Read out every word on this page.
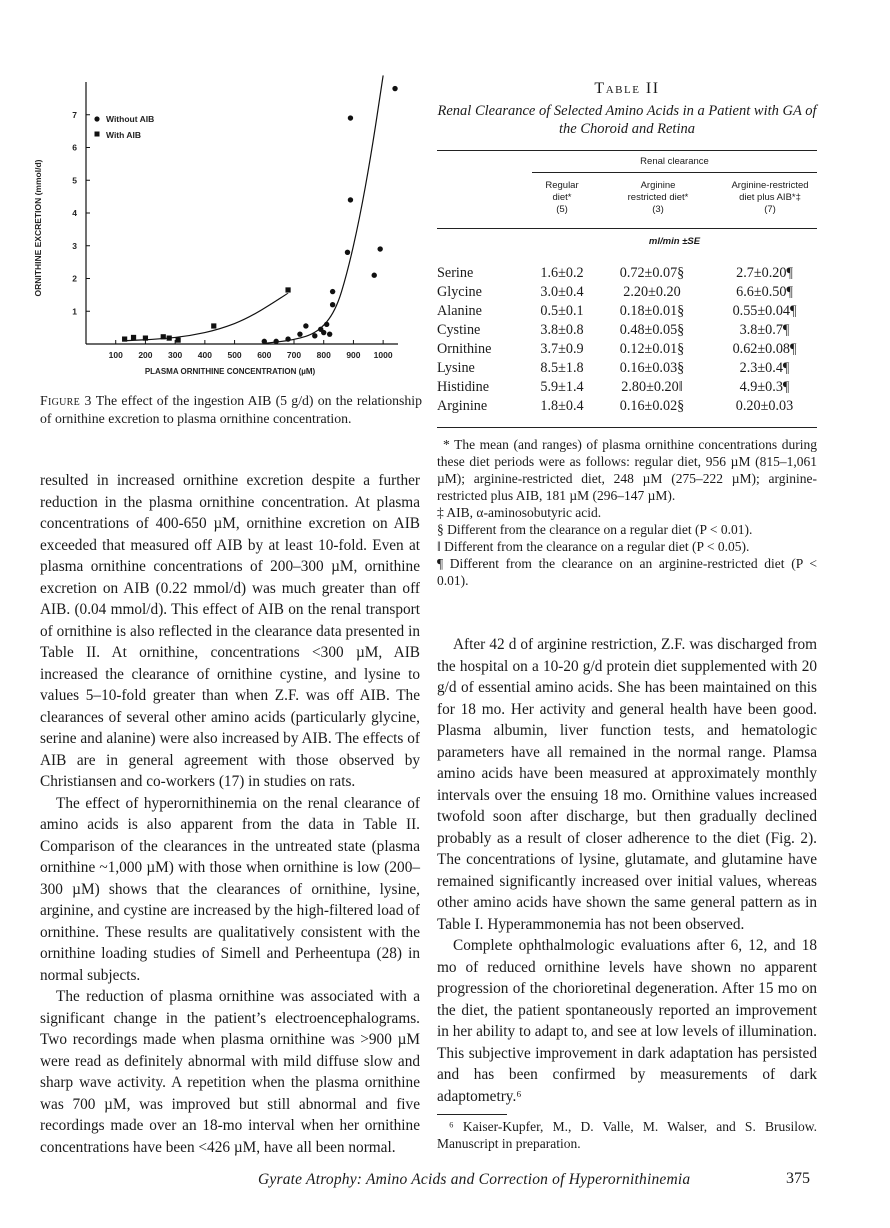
100 200 300 400 500 600 700 800 900 1000
1
2
3
4
5
6
7
ORNITHINE EXCRETION (mmol/d)
PLASMA ORNITHINE CONCENTRATION (µM)
Without AIB
With AIB

Figure 3 The effect of the ingestion AIB (5 g/d) on the relationship of ornithine excretion to plasma ornithine concentration.

resulted in increased ornithine excretion despite a further reduction in the plasma ornithine concentration. At plasma concentrations of 400-650 µM, ornithine excretion on AIB exceeded that measured off AIB by at least 10-fold. Even at plasma ornithine concentrations of 200–300 µM, ornithine excretion on AIB (0.22 mmol/d) was much greater than off AIB. (0.04 mmol/d). This effect of AIB on the renal transport of ornithine is also reflected in the clearance data presented in Table II. At ornithine, concentrations <300 µM, AIB increased the clearance of ornithine cystine, and lysine to values 5–10-fold greater than when Z.F. was off AIB. The clearances of several other amino acids (particularly glycine, serine and alanine) were also increased by AIB. The effects of AIB are in general agreement with those observed by Christiansen and co-workers (17) in studies on rats.

The effect of hyperornithinemia on the renal clearance of amino acids is also apparent from the data in Table II. Comparison of the clearances in the untreated state (plasma ornithine ~1,000 µM) with those when ornithine is low (200–300 µM) shows that the clearances of ornithine, lysine, arginine, and cystine are increased by the high-filtered load of ornithine. These results are qualitatively consistent with the ornithine loading studies of Simell and Perheentupa (28) in normal subjects.

The reduction of plasma ornithine was associated with a significant change in the patient’s electroencephalograms. Two recordings made when plasma ornithine was >900 µM were read as definitely abnormal with mild diffuse slow and sharp wave activity. A repetition when the plasma ornithine was 700 µM, was improved but still abnormal and five recordings made over an 18-mo interval when her ornithine concentrations have been <426 µM, have all been normal.

Table II
Renal Clearance of Selected Amino Acids in a Patient with GA of the Choroid and Retina
Renal clearance
Regular
diet*
(5)
Arginine
restricted diet*
(3)
Arginine-restricted
diet plus AIB*‡
(7)
ml/min ±SE
Serine	1.6±0.2	0.72±0.07§	2.7±0.20¶
Glycine	3.0±0.4	2.20±0.20	6.6±0.50¶
Alanine	0.5±0.1	0.18±0.01§	0.55±0.04¶
Cystine	3.8±0.8	0.48±0.05§	3.8±0.7¶
Ornithine	3.7±0.9	0.12±0.01§	0.62±0.08¶
Lysine	8.5±1.8	0.16±0.03§	2.3±0.4¶
Histidine	5.9±1.4	2.80±0.20‖	4.9±0.3¶
Arginine	1.8±0.4	0.16±0.02§	0.20±0.03

* The mean (and ranges) of plasma ornithine concentrations during these diet periods were as follows: regular diet, 956 µM (815–1,061 µM); arginine-restricted diet, 248 µM (275–222 µM); arginine-restricted plus AIB, 181 µM (296–147 µM).

‡ AIB, α-aminosobutyric acid.

§ Different from the clearance on a regular diet (P < 0.01).

‖ Different from the clearance on a regular diet (P < 0.05).

¶ Different from the clearance on an arginine-restricted diet (P < 0.01).

After 42 d of arginine restriction, Z.F. was discharged from the hospital on a 10-20 g/d protein diet supplemented with 20 g/d of essential amino acids. She has been maintained on this for 18 mo. Her activity and general health have been good. Plasma albumin, liver function tests, and hematologic parameters have all remained in the normal range. Plamsa amino acids have been measured at approximately monthly intervals over the ensuing 18 mo. Ornithine values increased twofold soon after discharge, but then gradually declined probably as a result of closer adherence to the diet (Fig. 2). The concentrations of lysine, glutamate, and glutamine have remained significantly increased over initial values, whereas other amino acids have shown the same general pattern as in Table I. Hyperammonemia has not been observed.

Complete ophthalmologic evaluations after 6, 12, and 18 mo of reduced ornithine levels have shown no apparent progression of the chorioretinal degeneration. After 15 mo on the diet, the patient spontaneously reported an improvement in her ability to adapt to, and see at low levels of illumination. This subjective improvement in dark adaptation has persisted and has been confirmed by measurements of dark adaptometry.⁶

⁶ Kaiser-Kupfer, M., D. Valle, M. Walser, and S. Brusilow. Manuscript in preparation.

Gyrate Atrophy: Amino Acids and Correction of Hyperornithinemia	375
